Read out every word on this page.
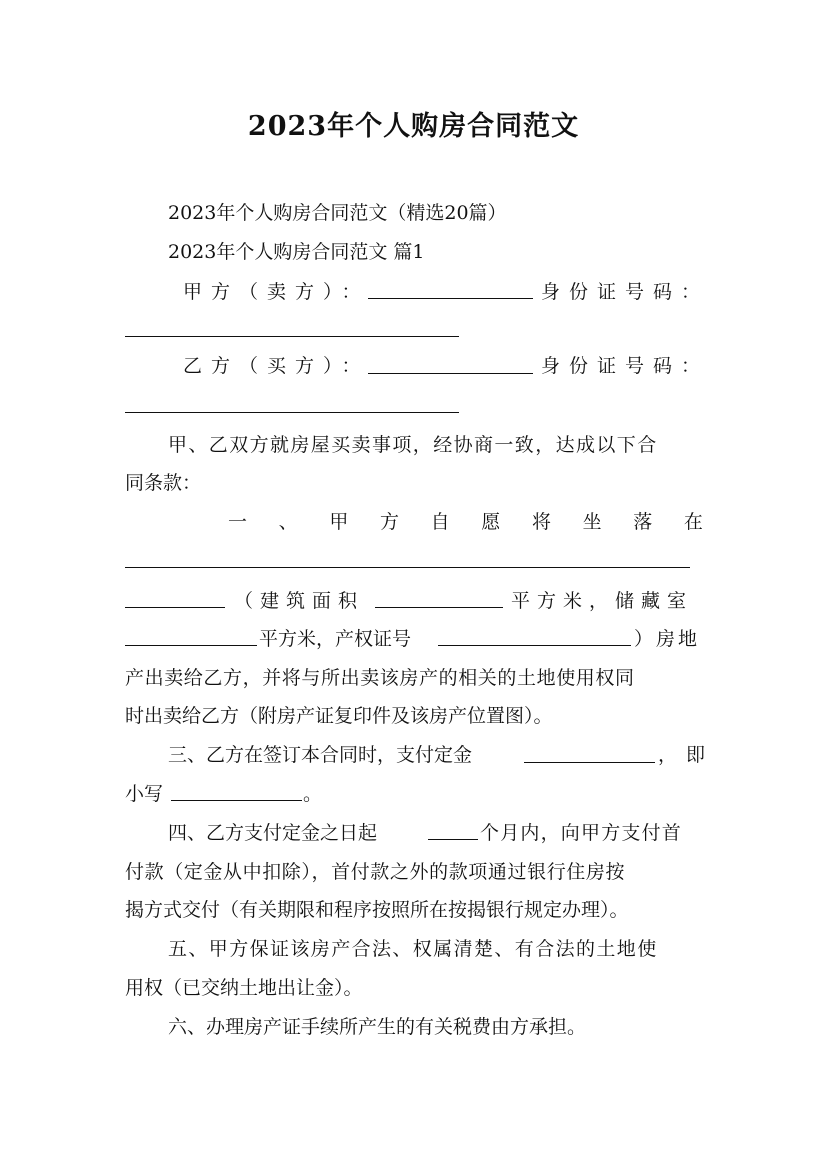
2023年个人购房合同范文
2023年个人购房合同范文（精选20篇）
2023年个人购房合同范文 篇1
甲方（卖方）：	身份证号码：
乙方（买方）：	身份证号码：
甲、乙双方就房屋买卖事项，经协商一致，达成以下合
同条款：
一 、 甲 方 自 愿 将 坐 落 在
（建筑面积	平方米，储藏室
平方米，产权证号	）房地
产出卖给乙方，并将与所出卖该房产的相关的土地使用权同
时出卖给乙方（附房产证复印件及该房产位置图）。
三、乙方在签订本合同时，支付定金	，即
小写	。
四、乙方支付定金之日起	个月内，向甲方支付首
付款（定金从中扣除），首付款之外的款项通过银行住房按
揭方式交付（有关期限和程序按照所在按揭银行规定办理）。
五、甲方保证该房产合法、权属清楚、有合法的土地使
用权（已交纳土地出让金）。
六、办理房产证手续所产生的有关税费由方承担。
